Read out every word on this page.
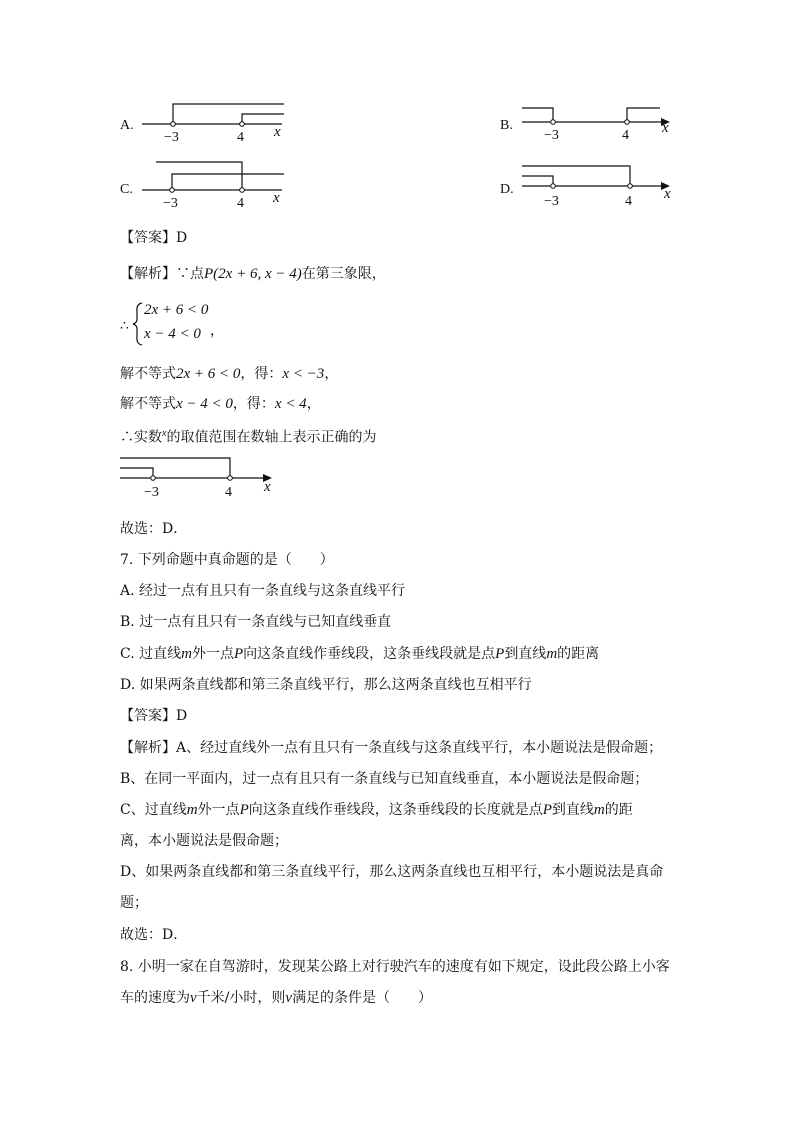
A.
−3	4 x	B.
−3	4 x
C.
−3	4 x
D.
−3	4 x
【答案】D
【解析】∵点P(2x + 6, x − 4)在第三象限，
∴
2x + 6 < 0
x − 4 < 0 ，
解不等式2x + 6 < 0，得：x < −3，
解不等式x − 4 < 0，得：x < 4，
∴实数$^x$的取值范围在数轴上表示正确的为
−3	4 x
故选：D．
7. 下列命题中真命题的是（　　）
A. 经过一点有且只有一条直线与这条直线平行
B. 过一点有且只有一条直线与已知直线垂直
C. 过直线m外一点P向这条直线作垂线段，这条垂线段就是点P到直线m的距离
D. 如果两条直线都和第三条直线平行，那么这两条直线也互相平行
【答案】D
【解析】A、经过直线外一点有且只有一条直线与这条直线平行，本小题说法是假命题；
B、在同一平面内，过一点有且只有一条直线与已知直线垂直，本小题说法是假命题；
C、过直线m外一点P向这条直线作垂线段，这条垂线段的长度就是点P到直线m的距
离，本小题说法是假命题；
D、如果两条直线都和第三条直线平行，那么这两条直线也互相平行，本小题说法是真命
题；
故选：D．
8. 小明一家在自驾游时，发现某公路上对行驶汽车的速度有如下规定，设此段公路上小客
车的速度为v千米/小时，则v满足的条件是（　　）
